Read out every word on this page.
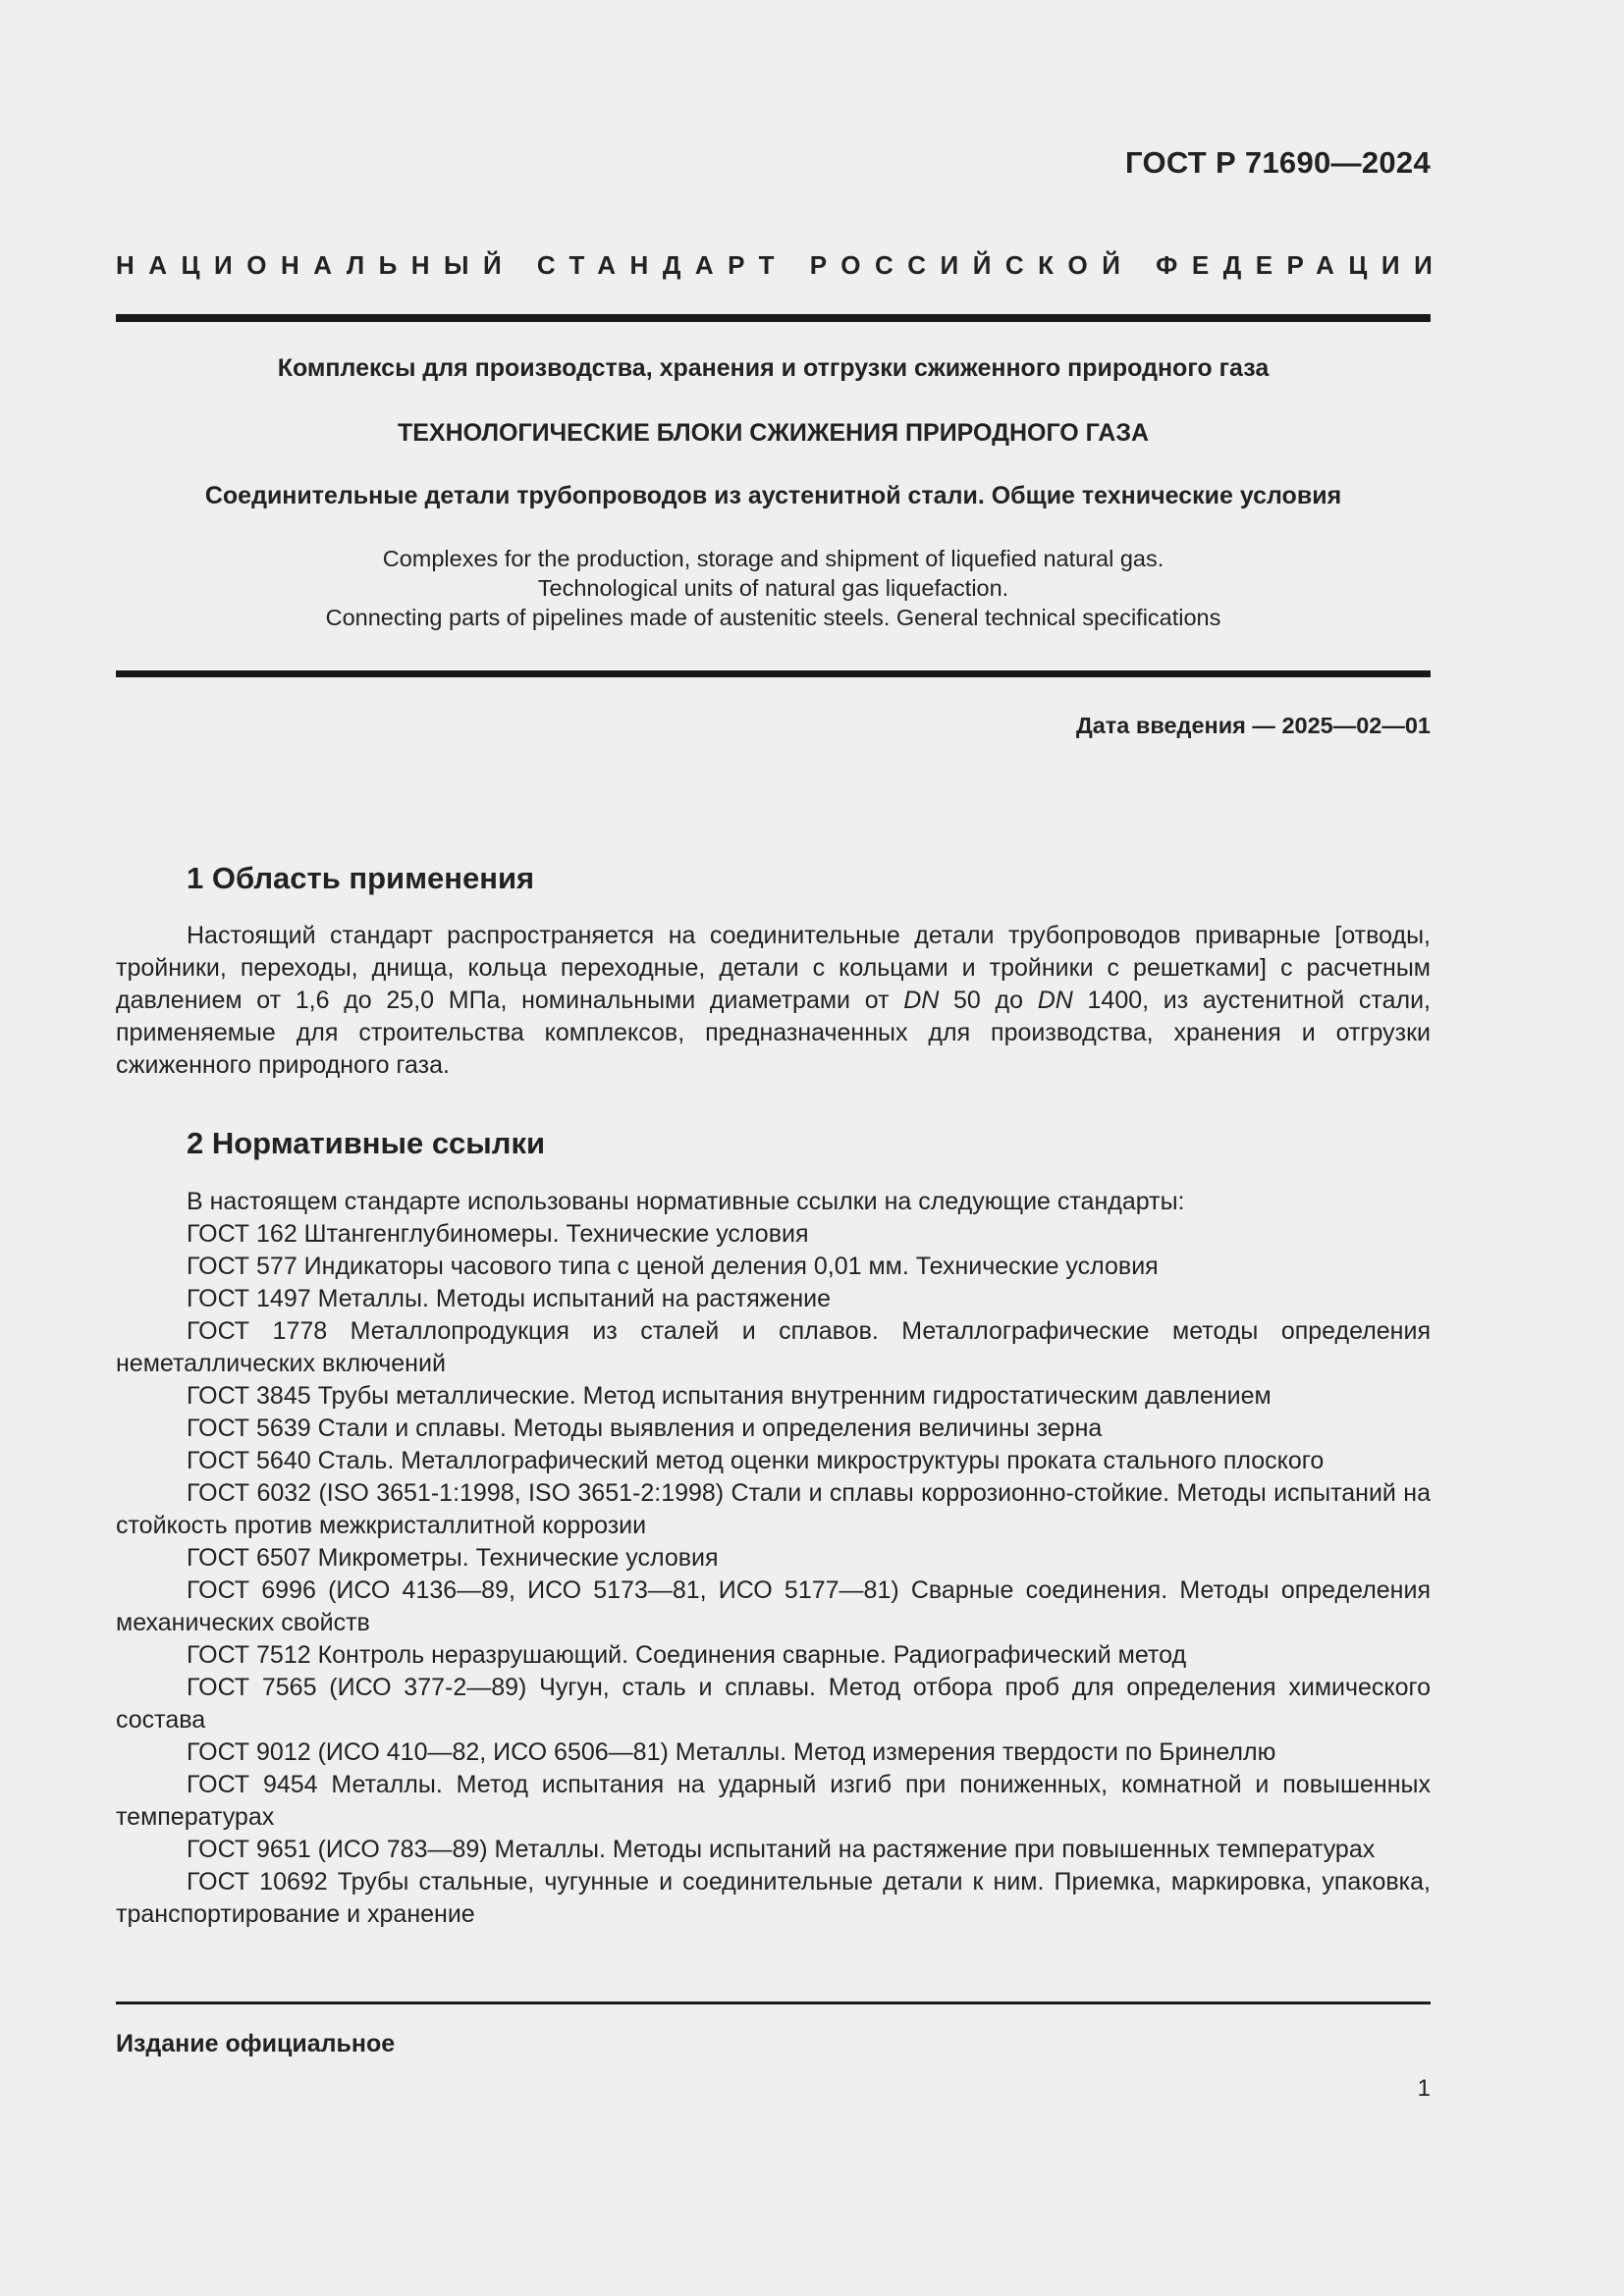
ГОСТ Р 71690—2024
НАЦИОНАЛЬНЫЙ СТАНДАРТ РОССИЙСКОЙ ФЕДЕРАЦИИ
Комплексы для производства, хранения и отгрузки сжиженного природного газа
ТЕХНОЛОГИЧЕСКИЕ БЛОКИ СЖИЖЕНИЯ ПРИРОДНОГО ГАЗА
Соединительные детали трубопроводов из аустенитной стали. Общие технические условия
Complexes for the production, storage and shipment of liquefied natural gas.
Technological units of natural gas liquefaction.
Connecting parts of pipelines made of austenitic steels. General technical specifications
Дата введения — 2025—02—01
1 Область применения

Настоящий стандарт распространяется на соединительные детали трубопроводов приварные [отводы, тройники, переходы, днища, кольца переходные, детали с кольцами и тройники с решетками] с расчетным давлением от 1,6 до 25,0 МПа, номинальными диаметрами от DN 50 до DN 1400, из аустенитной стали, применяемые для строительства комплексов, предназначенных для производства, хранения и отгрузки сжиженного природного газа.

2 Нормативные ссылки

В настоящем стандарте использованы нормативные ссылки на следующие стандарты:

ГОСТ 162 Штангенглубиномеры. Технические условия

ГОСТ 577 Индикаторы часового типа с ценой деления 0,01 мм. Технические условия

ГОСТ 1497 Металлы. Методы испытаний на растяжение

ГОСТ 1778 Металлопродукция из сталей и сплавов. Металлографические методы определения неметаллических включений

ГОСТ 3845 Трубы металлические. Метод испытания внутренним гидростатическим давлением

ГОСТ 5639 Стали и сплавы. Методы выявления и определения величины зерна

ГОСТ 5640 Сталь. Металлографический метод оценки микроструктуры проката стального плоского

ГОСТ 6032 (ISO 3651-1:1998, ISO 3651-2:1998) Стали и сплавы коррозионно-стойкие. Методы испытаний на стойкость против межкристаллитной коррозии

ГОСТ 6507 Микрометры. Технические условия

ГОСТ 6996 (ИСО 4136—89, ИСО 5173—81, ИСО 5177—81) Сварные соединения. Методы определения механических свойств

ГОСТ 7512 Контроль неразрушающий. Соединения сварные. Радиографический метод

ГОСТ 7565 (ИСО 377-2—89) Чугун, сталь и сплавы. Метод отбора проб для определения химического состава

ГОСТ 9012 (ИСО 410—82, ИСО 6506—81) Металлы. Метод измерения твердости по Бринеллю

ГОСТ 9454 Металлы. Метод испытания на ударный изгиб при пониженных, комнатной и повышенных температурах

ГОСТ 9651 (ИСО 783—89) Металлы. Методы испытаний на растяжение при повышенных температурах

ГОСТ 10692 Трубы стальные, чугунные и соединительные детали к ним. Приемка, маркировка, упаковка, транспортирование и хранение

Издание официальное
1
